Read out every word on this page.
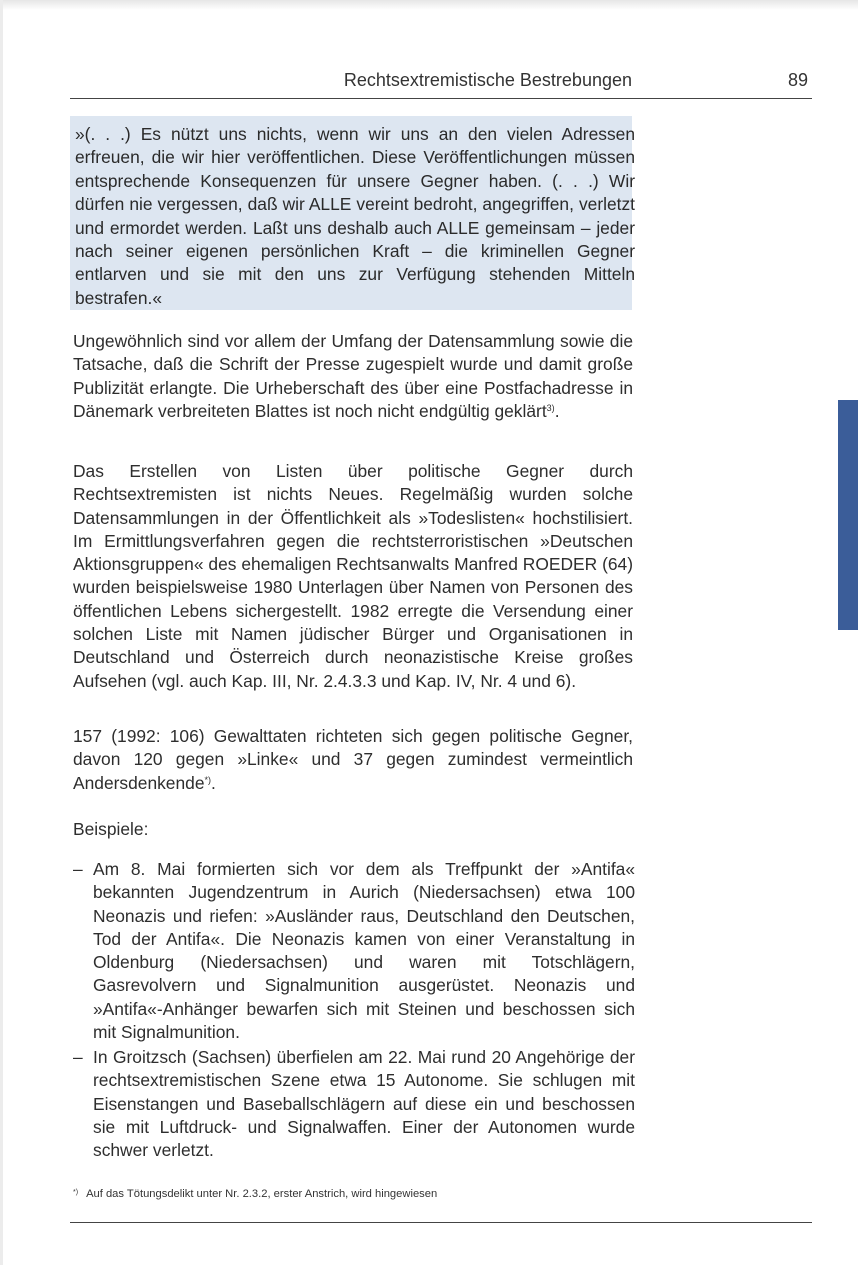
Rechtsextremistische Bestrebungen	89
»(. . .) Es nützt uns nichts, wenn wir uns an den vielen Adressen erfreuen, die wir hier veröffentlichen. Diese Veröffentlichungen müssen entsprechende Konsequenzen für unsere Gegner haben. (. . .) Wir dürfen nie vergessen, daß wir ALLE vereint bedroht, angegriffen, verletzt und ermordet werden. Laßt uns deshalb auch ALLE gemeinsam – jeder nach seiner eigenen persönlichen Kraft – die kriminellen Gegner entlarven und sie mit den uns zur Verfügung stehenden Mitteln bestrafen.«
Ungewöhnlich sind vor allem der Umfang der Datensammlung sowie die Tatsache, daß die Schrift der Presse zugespielt wurde und damit große Publizität erlangte. Die Urheberschaft des über eine Postfachadresse in Dänemark verbreiteten Blattes ist noch nicht endgültig geklärt$^{3)}$.
Das Erstellen von Listen über politische Gegner durch Rechtsextremisten ist nichts Neues. Regelmäßig wurden solche Datensammlungen in der Öffentlichkeit als »Todeslisten« hochstilisiert. Im Ermittlungsverfahren gegen die rechtsterroristischen »Deutschen Aktionsgruppen« des ehemaligen Rechtsanwalts Manfred ROEDER (64) wurden beispielsweise 1980 Unterlagen über Namen von Personen des öffentlichen Lebens sichergestellt. 1982 erregte die Versendung einer solchen Liste mit Namen jüdischer Bürger und Organisationen in Deutschland und Österreich durch neonazistische Kreise großes Aufsehen (vgl. auch Kap. III, Nr. 2.4.3.3 und Kap. IV, Nr. 4 und 6).
157 (1992: 106) Gewalttaten richteten sich gegen politische Gegner, davon 120 gegen »Linke« und 37 gegen zumindest vermeintlich Andersdenkende*).
Beispiele:
– Am 8. Mai formierten sich vor dem als Treffpunkt der »Antifa« bekannten Jugendzentrum in Aurich (Niedersachsen) etwa 100 Neonazis und riefen: »Ausländer raus, Deutschland den Deutschen, Tod der Antifa«. Die Neonazis kamen von einer Veranstaltung in Oldenburg (Niedersachsen) und waren mit Totschlägern, Gasrevolvern und Signalmunition ausgerüstet. Neonazis und »Antifa«-Anhänger bewarfen sich mit Steinen und beschossen sich mit Signalmunition.
– In Groitzsch (Sachsen) überfielen am 22. Mai rund 20 Angehörige der rechtsextremistischen Szene etwa 15 Autonome. Sie schlugen mit Eisenstangen und Baseballschlägern auf diese ein und beschossen sie mit Luftdruck- und Signalwaffen. Einer der Autonomen wurde schwer verletzt.
*) Auf das Tötungsdelikt unter Nr. 2.3.2, erster Anstrich, wird hingewiesen
